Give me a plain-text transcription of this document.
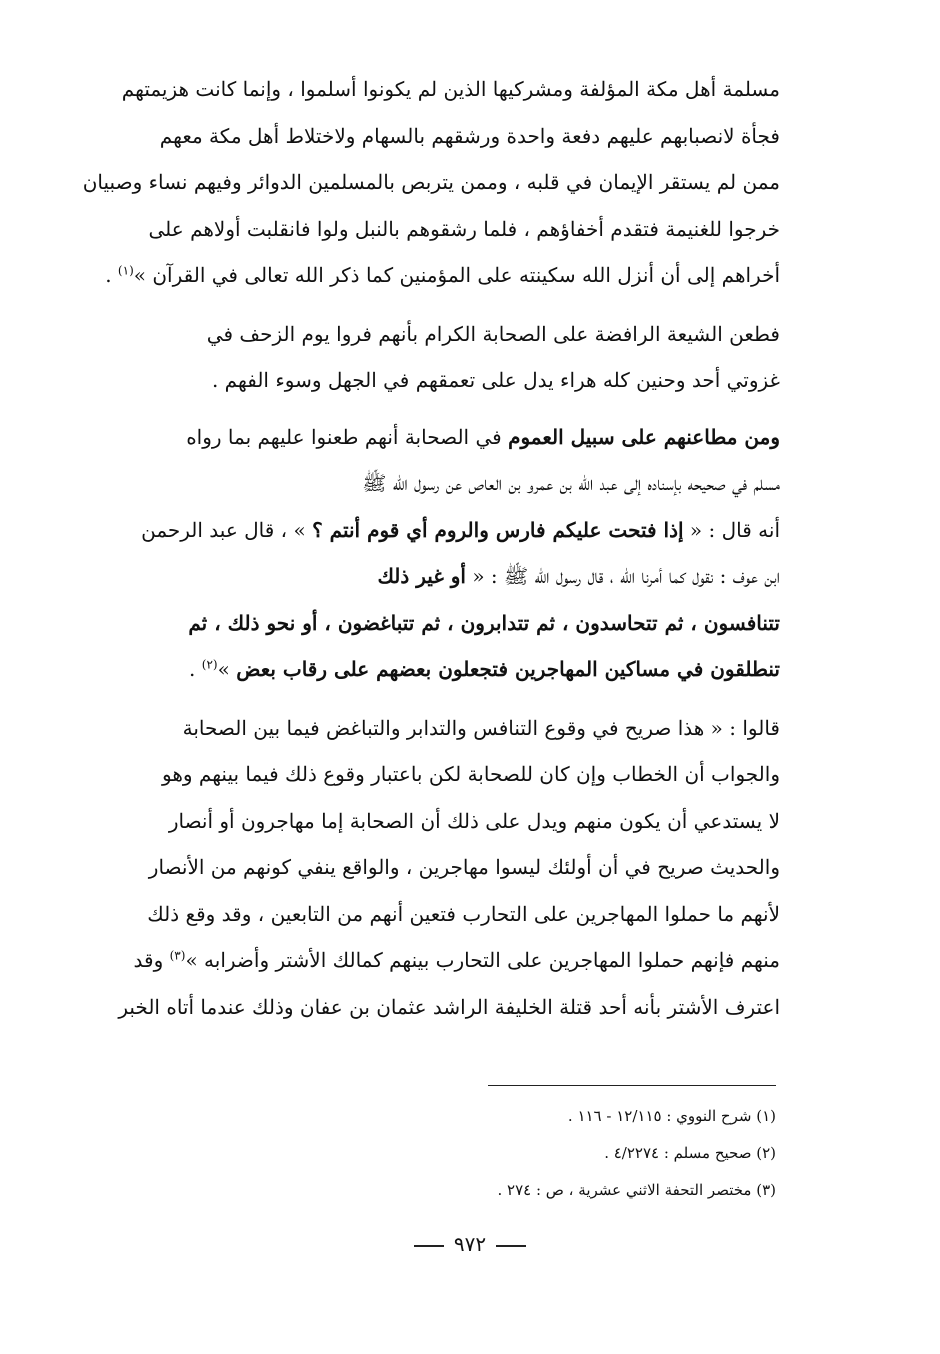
مسلمة أهل مكة المؤلفة ومشركيها الذين لم يكونوا أسلموا ، وإنما كانت هزيمتهم
فجأة لانصبابهم عليهم دفعة واحدة ورشقهم بالسهام ولاختلاط أهل مكة معهم
ممن لم يستقر الإيمان في قلبه ، وممن يتربص بالمسلمين الدوائر وفيهم نساء وصبيان
خرجوا للغنيمة فتقدم أخفاؤهم ، فلما رشقوهم بالنبل ولوا فانقلبت أولاهم على
أخراهم إلى أن أنزل الله سكينته على المؤمنين كما ذكر الله تعالى في القرآن »$^{(١)}$ .

فطعن الشيعة الرافضة على الصحابة الكرام بأنهم فروا يوم الزحف في
غزوتي أحد وحنين كله هراء يدل على تعمقهم في الجهل وسوء الفهم .

ومن مطاعنهم على سبيل العموم في الصحابة أنهم طعنوا عليهم بما رواه
مسلم في صحيحه بإسناده إلى عبد الله بن عمرو بن العاص عن رسول الله ﷺ
أنه قال : « إذا فتحت عليكم فارس والروم أي قوم أنتم ؟ » ، قال عبد الرحمن
ابن عوف : نقول كما أمرنا الله ، قال رسول الله ﷺ : « أو غير ذلك
تتنافسون ، ثم تتحاسدون ، ثم تتدابرون ، ثم تتباغضون ، أو نحو ذلك ، ثم
تنطلقون في مساكين المهاجرين فتجعلون بعضهم على رقاب بعض »$^{(٢)}$ .

قالوا : « هذا صريح في وقوع التنافس والتدابر والتباغض فيما بين الصحابة
والجواب أن الخطاب وإن كان للصحابة لكن باعتبار وقوع ذلك فيما بينهم وهو
لا يستدعي أن يكون منهم ويدل على ذلك أن الصحابة إما مهاجرون أو أنصار
والحديث صريح في أن أولئك ليسوا مهاجرين ، والواقع ينفي كونهم من الأنصار
لأنهم ما حملوا المهاجرين على التحارب فتعين أنهم من التابعين ، وقد وقع ذلك
منهم فإنهم حملوا المهاجرين على التحارب بينهم كمالك الأشتر وأضرابه »$^{(٣)}$ وقد
اعترف الأشتر بأنه أحد قتلة الخليفة الراشد عثمان بن عفان وذلك عندما أتاه الخبر

(١) شرح النووي : ١٢/١١٥ - ١١٦ .
(٢) صحيح مسلم : ٤/٢٢٧٤ .
(٣) مختصر التحفة الاثني عشرية ، ص : ٢٧٤ .
٩٧٢
